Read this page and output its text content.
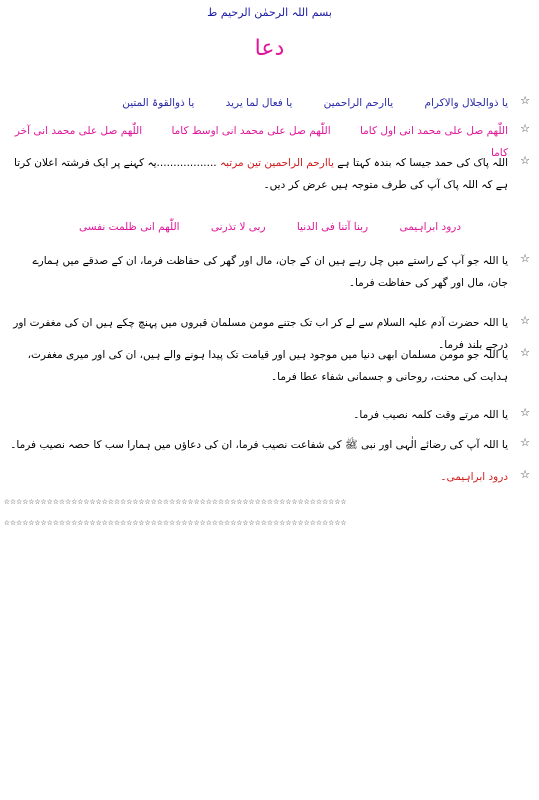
بسم اللہ الرحمٰن الرحیم ط
دعا
☆
یا ذوالجلال والاکرام یاارحم الراحمین یا فعال لما یرید یا ذوالقوۃ المتین
☆
اللّٰھم صل علی محمد انی اول کاما اللّٰھم صل علی محمد انی اوسط کاما اللّٰھم صل علی محمد انی آخر کاما
☆
اللہ پاک کی حمد جیسا کہ بندہ کہتا ہے یاارحم الراحمین تین مرتبہ ..................یہ کہنے پر ایک فرشتہ اعلان کرتا ہے کہ اللہ پاک آپ کی طرف متوجہ ہیں عرض کر دیں۔
درود ابراہیمی ربنا آتنا فی الدنیا ربی لا تذرنی اللّٰھم انی ظلمت نفسی
☆
یا اللہ جو آپ کے راستے میں چل رہے ہیں ان کے جان، مال اور گھر کی حفاظت فرما، ان کے صدقے میں ہمارے جان، مال اور گھر کی حفاظت فرما۔
☆
یا اللہ حضرت آدم علیہ السلام سے لے کر اب تک جتنے مومن مسلمان قبروں میں پہنچ چکے ہیں ان کی مغفرت اور درجے بلند فرما۔
☆
یا اللہ جو مومن مسلمان ابھی دنیا میں موجود ہیں اور قیامت تک پیدا ہونے والے ہیں، ان کی اور میری مغفرت، ہدایت کی محنت، روحانی و جسمانی شفاء عطا فرما۔
☆
یا اللہ مرتے وقت کلمہ نصیب فرما۔
☆
یا اللہ آپ کی رضائے الٰہی اور نبی ﷺ کی شفاعت نصیب فرما، ان کی دعاؤں میں ہمارا سب کا حصہ نصیب فرما۔
☆
درود ابراہیمی۔
☆☆☆☆☆☆☆☆☆☆☆☆☆☆☆☆☆☆☆☆☆☆☆☆☆☆☆☆☆☆☆☆☆☆☆☆☆☆☆☆☆☆☆☆☆☆☆☆☆☆☆☆☆☆☆☆
☆☆☆☆☆☆☆☆☆☆☆☆☆☆☆☆☆☆☆☆☆☆☆☆☆☆☆☆☆☆☆☆☆☆☆☆☆☆☆☆☆☆☆☆☆☆☆☆☆☆☆☆☆☆☆☆
